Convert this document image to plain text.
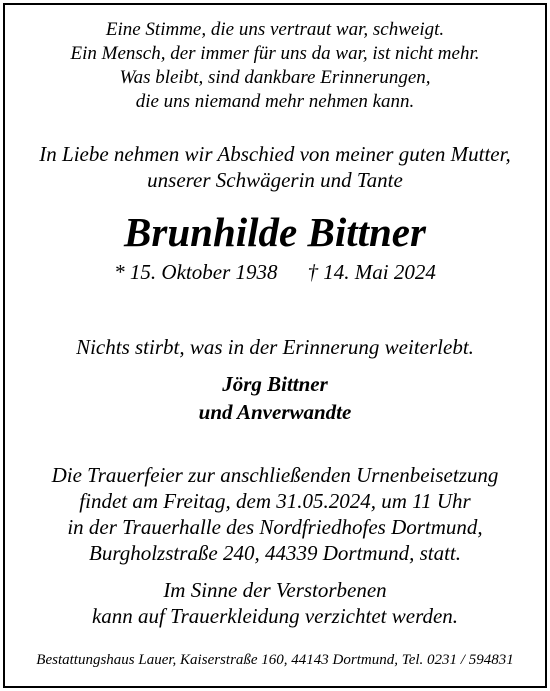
Eine Stimme, die uns vertraut war, schweigt.
Ein Mensch, der immer für uns da war, ist nicht mehr.
Was bleibt, sind dankbare Erinnerungen,
die uns niemand mehr nehmen kann.
In Liebe nehmen wir Abschied von meiner guten Mutter,
unserer Schwägerin und Tante
Brunhilde Bittner
* 15. Oktober 1938 † 14. Mai 2024
Nichts stirbt, was in der Erinnerung weiterlebt.
Jörg Bittner
und Anverwandte
Die Trauerfeier zur anschließenden Urnenbeisetzung
findet am Freitag, dem 31.05.2024, um 11 Uhr
in der Trauerhalle des Nordfriedhofes Dortmund,
Burgholzstraße 240, 44339 Dortmund, statt.
Im Sinne der Verstorbenen
kann auf Trauerkleidung verzichtet werden.
Bestattungshaus Lauer, Kaiserstraße 160, 44143 Dortmund, Tel. 0231 / 594831
